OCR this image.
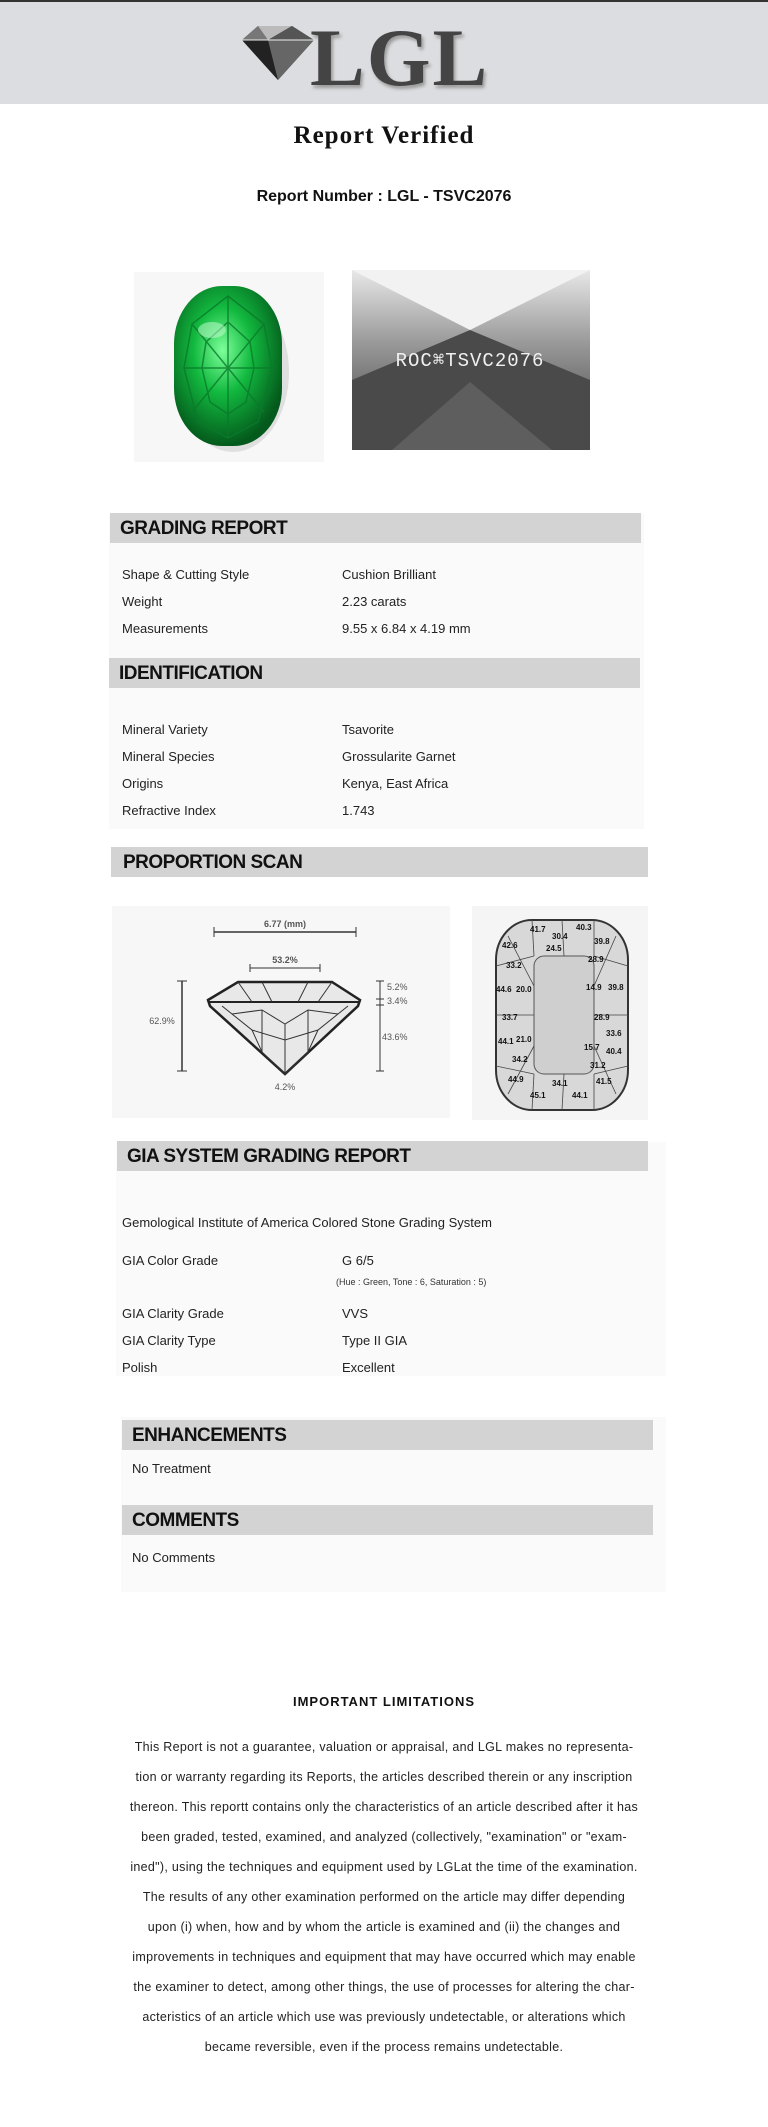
LGL
Report Verified
Report Number : LGL - TSVC2076
ROC⌘TSVC2076
GRADING REPORT
Shape & Cutting Style	Cushion Brilliant
Weight	2.23 carats
Measurements	9.55 x 6.84 x 4.19 mm
IDENTIFICATION
Mineral Variety	Tsavorite
Mineral Species	Grossularite Garnet
Origins	Kenya, East Africa
Refractive Index	1.743
PROPORTION SCAN
6.77 (mm)
53.2%
62.9%
5.2%
3.4%
43.6%
4.2%
41.7	40.3
30.4
39.8
42.6	24.5
33.2
28.9
44.6 20.0	14.9 39.8
33.7	28.9
44.1 21.0
15.7
33.6
34.2
40.4
31.2
44.9	34.1	41.5
45.1	44.1
GIA SYSTEM GRADING REPORT
Gemological Institute of America Colored Stone Grading System
GIA Color Grade	G 6/5
(Hue : Green, Tone : 6, Saturation : 5)
GIA Clarity Grade	VVS
GIA Clarity Type	Type II GIA
Polish	Excellent
ENHANCEMENTS
No Treatment
COMMENTS
No Comments
IMPORTANT LIMITATIONS
This Report is not a guarantee, valuation or appraisal, and LGL makes no representa-
tion or warranty regarding its Reports, the articles described therein or any inscription
thereon. This reportt contains only the characteristics of an article described after it has
been graded, tested, examined, and analyzed (collectively, "examination" or "exam-
ined"), using the techniques and equipment used by LGLat the time of the examination.
The results of any other examination performed on the article may differ depending
upon (i) when, how and by whom the article is examined and (ii) the changes and
improvements in techniques and equipment that may have occurred which may enable
the examiner to detect, among other things, the use of processes for altering the char-
acteristics of an article which use was previously undetectable, or alterations which
became reversible, even if the process remains undetectable.
